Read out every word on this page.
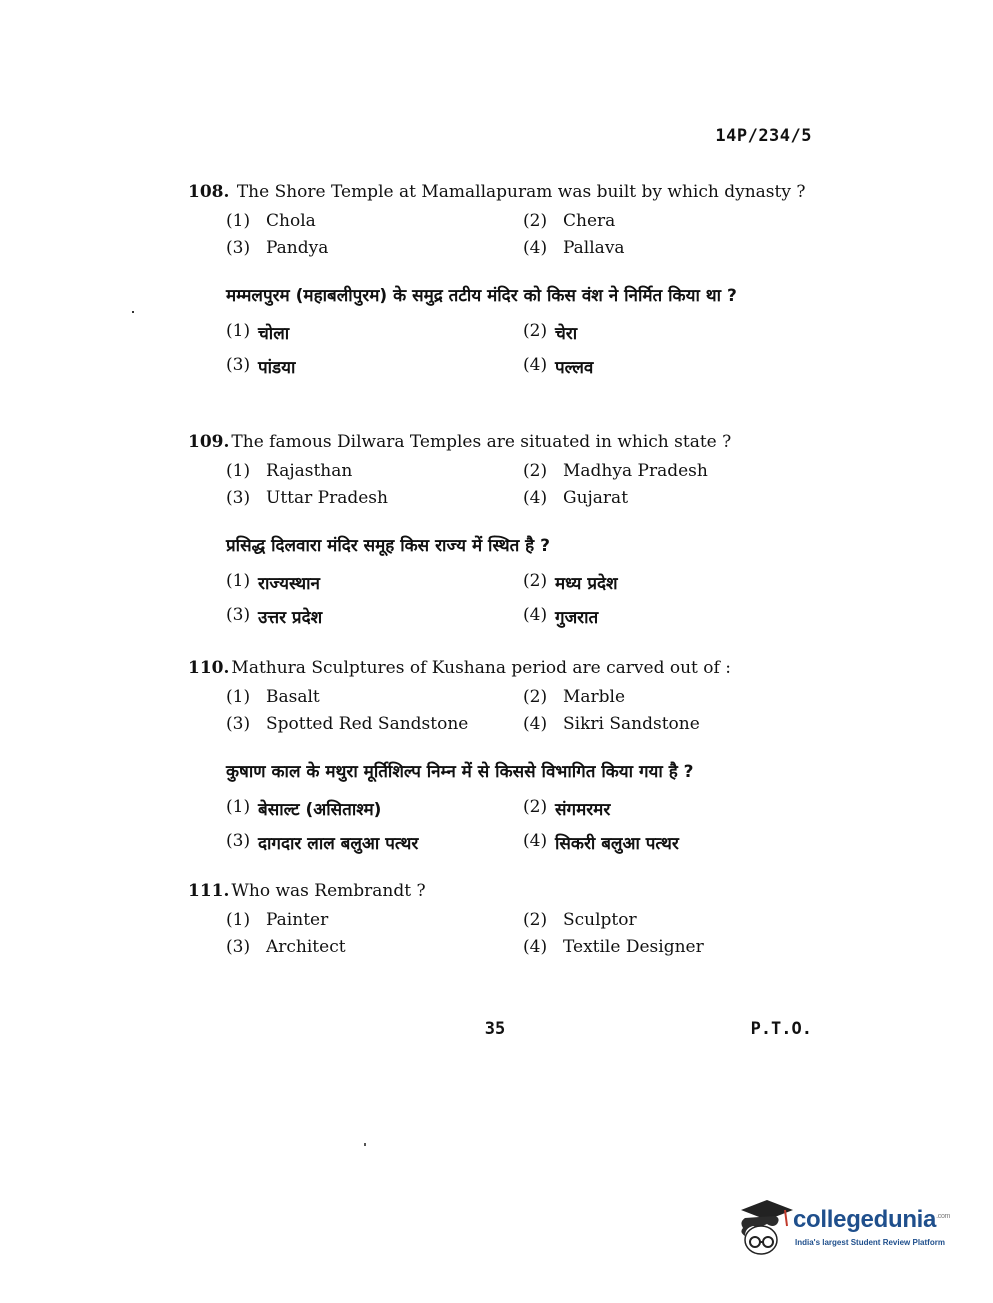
14P/234/5
108. The Shore Temple at Mamallapuram was built by which dynasty ?
(1) Chola	(2) Chera
(3) Pandya	(4) Pallava
मम्मलपुरम (महाबलीपुरम) के समुद्र तटीय मंदिर को किस वंश ने निर्मित किया था ?
(1) चोला	(2) चेरा
(3) पांडया	(4) पल्लव
109. The famous Dilwara Temples are situated in which state ?
(1) Rajasthan	(2) Madhya Pradesh
(3) Uttar Pradesh	(4) Gujarat
प्रसिद्ध दिलवारा मंदिर समूह किस राज्य में स्थित है ?
(1) राज्यस्थान	(2) मध्य प्रदेश
(3) उत्तर प्रदेश	(4) गुजरात
110. Mathura Sculptures of Kushana period are carved out of :
(1) Basalt	(2) Marble
(3) Spotted Red Sandstone	(4) Sikri Sandstone
कुषाण काल के मथुरा मूर्तिशिल्प निम्न में से किससे विभागित किया गया है ?
(1) बेसाल्ट (असिताश्म)	(2) संगमरमर
(3) दागदार लाल बलुआ पत्थर	(4) सिकरी बलुआ पत्थर
111. Who was Rembrandt ?
(1) Painter	(2) Sculptor
(3) Architect	(4) Textile Designer
35	P.T.O.
collegedunia$^{.com}$
India's largest Student Review Platform
